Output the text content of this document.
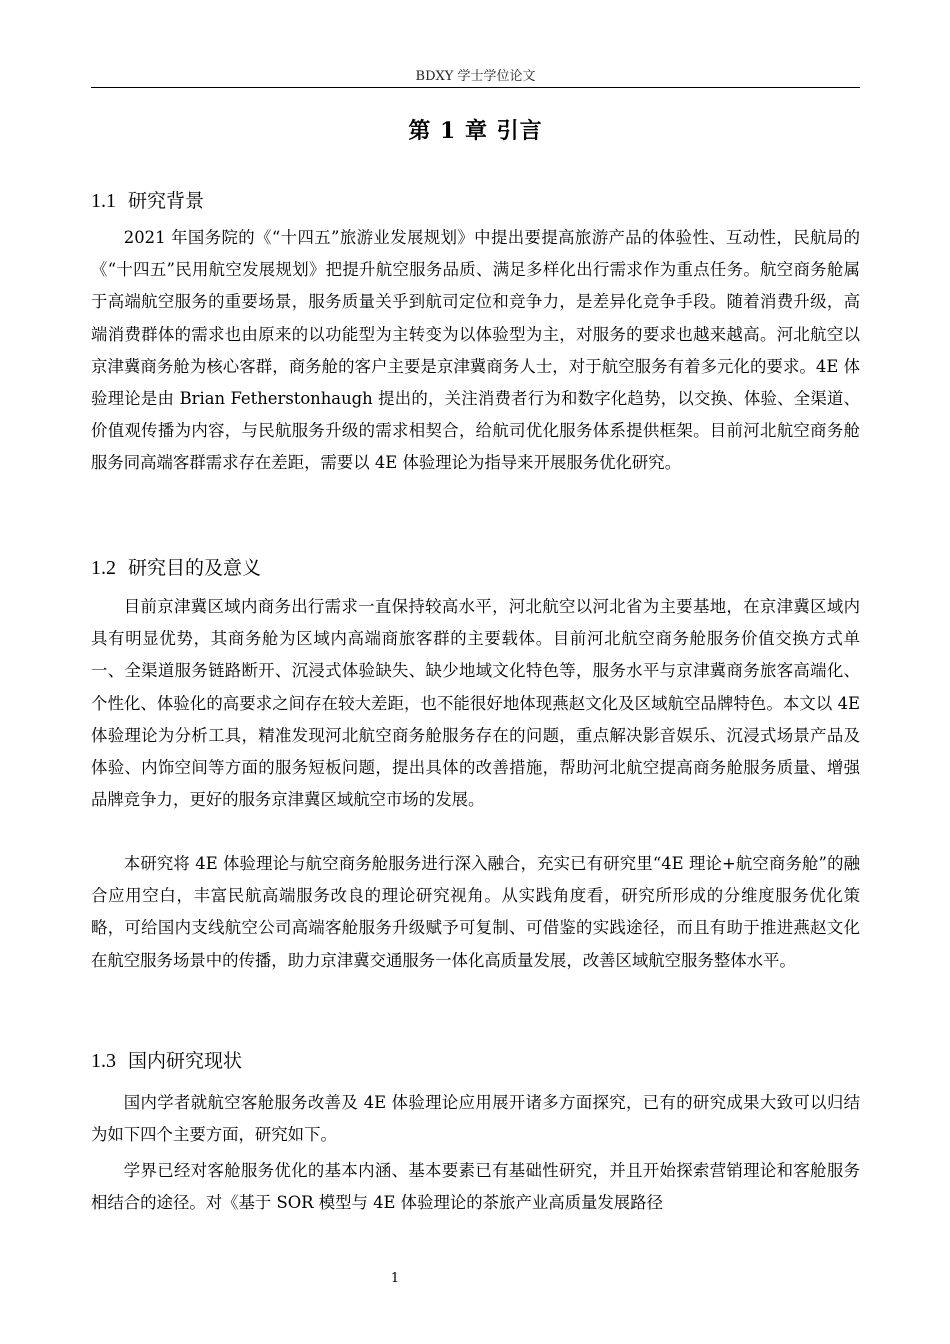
BDXY 学士学位论文
第 1 章 引言
1.1 研究背景

2021 年国务院的《“十四五”旅游业发展规划》中提出要提高旅游产品的体验性、互动性，民航局的《“十四五”民用航空发展规划》把提升航空服务品质、满足多样化出行需求作为重点任务。航空商务舱属于高端航空服务的重要场景，服务质量关乎到航司定位和竞争力，是差异化竞争手段。随着消费升级，高端消费群体的需求也由原来的以功能型为主转变为以体验型为主，对服务的要求也越来越高。河北航空以京津冀商务舱为核心客群，商务舱的客户主要是京津冀商务人士，对于航空服务有着多元化的要求。4E 体验理论是由 Brian Fetherstonhaugh 提出的，关注消费者行为和数字化趋势，以交换、体验、全渠道、价值观传播为内容，与民航服务升级的需求相契合，给航司优化服务体系提供框架。目前河北航空商务舱服务同高端客群需求存在差距，需要以 4E 体验理论为指导来开展服务优化研究。

1.2 研究目的及意义

目前京津冀区域内商务出行需求一直保持较高水平，河北航空以河北省为主要基地，在京津冀区域内具有明显优势，其商务舱为区域内高端商旅客群的主要载体。目前河北航空商务舱服务价值交换方式单一、全渠道服务链路断开、沉浸式体验缺失、缺少地域文化特色等，服务水平与京津冀商务旅客高端化、个性化、体验化的高要求之间存在较大差距，也不能很好地体现燕赵文化及区域航空品牌特色。本文以 4E 体验理论为分析工具，精准发现河北航空商务舱服务存在的问题，重点解决影音娱乐、沉浸式场景产品及体验、内饰空间等方面的服务短板问题，提出具体的改善措施，帮助河北航空提高商务舱服务质量、增强品牌竞争力，更好的服务京津冀区域航空市场的发展。

本研究将 4E 体验理论与航空商务舱服务进行深入融合，充实已有研究里“4E 理论+航空商务舱”的融合应用空白，丰富民航高端服务改良的理论研究视角。从实践角度看，研究所形成的分维度服务优化策略，可给国内支线航空公司高端客舱服务升级赋予可复制、可借鉴的实践途径，而且有助于推进燕赵文化在航空服务场景中的传播，助力京津冀交通服务一体化高质量发展，改善区域航空服务整体水平。

1.3 国内研究现状

国内学者就航空客舱服务改善及 4E 体验理论应用展开诸多方面探究，已有的研究成果大致可以归结为如下四个主要方面，研究如下。

学界已经对客舱服务优化的基本内涵、基本要素已有基础性研究，并且开始探索营销理论和客舱服务相结合的途径。对《基于 SOR 模型与 4E 体验理论的茶旅产业高质量发展路径

1
